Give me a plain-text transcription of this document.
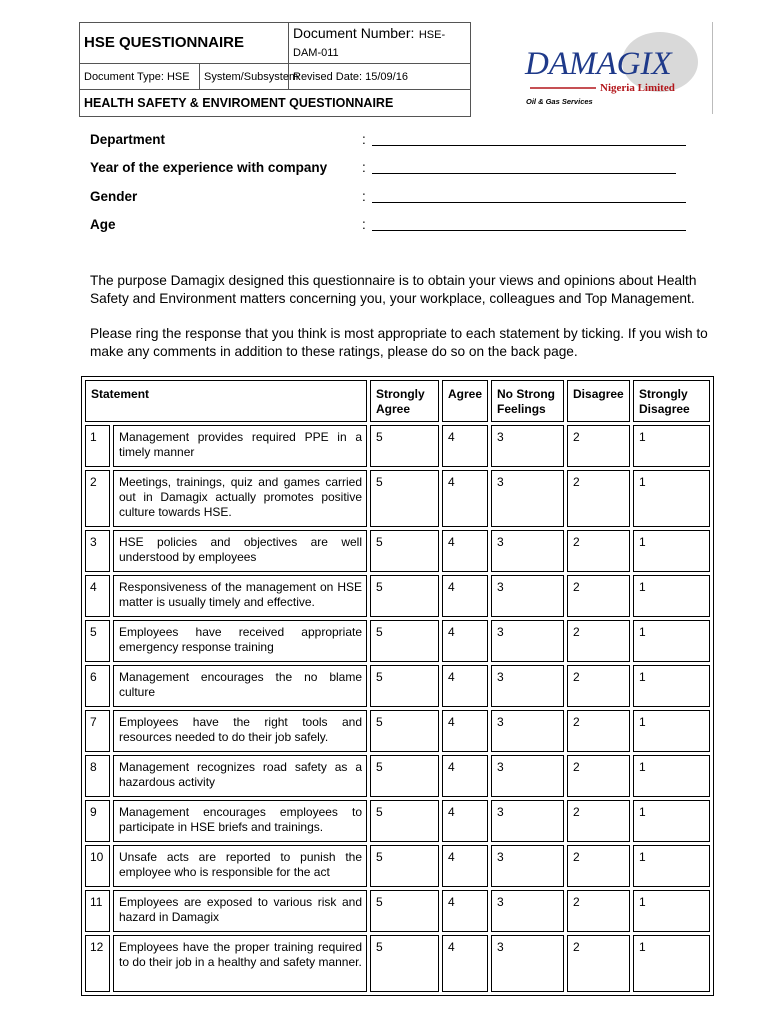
HSE QUESTIONNAIRE		Document Number: HSE-DAM-011
Document Type: HSE	System/Subsystem:	Revised Date: 15/09/16
HEALTH SAFETY & ENVIROMENT QUESTIONNAIRE		
DAMAGIX
Nigeria Limited
Oil & Gas Services
Department	:
Year of the experience with company	:
Gender	:
Age	:
The purpose Damagix designed this questionnaire is to obtain your views and opinions about Health Safety and Environment matters concerning you, your workplace, colleagues and Top Management.
Please ring the response that you think is most appropriate to each statement by ticking. If you wish to make any comments in addition to these ratings, please do so on the back page.
Statement		Strongly Agree	Agree	No Strong Feelings	Disagree	Strongly Disagree
1	Management provides required PPE in a timely manner	5	4	3	2	1
2	Meetings, trainings, quiz and games carried out in Damagix actually promotes positive culture towards HSE.	5	4	3	2	1
3	HSE policies and objectives are well understood by employees	5	4	3	2	1
4	Responsiveness of the management on HSE matter is usually timely and effective.	5	4	3	2	1
5	Employees have received appropriate emergency response training	5	4	3	2	1
6	Management encourages the no blame culture	5	4	3	2	1
7	Employees have the right tools and resources needed to do their job safely.	5	4	3	2	1
8	Management recognizes road safety as a hazardous activity	5	4	3	2	1
9	Management encourages employees to participate in HSE briefs and trainings.	5	4	3	2	1
10	Unsafe acts are reported to punish the employee who is responsible for the act	5	4	3	2	1
11	Employees are exposed to various risk and hazard in Damagix	5	4	3	2	1
12	Employees have the proper training required to do their job in a healthy and safety manner.	5	4	3	2	1
